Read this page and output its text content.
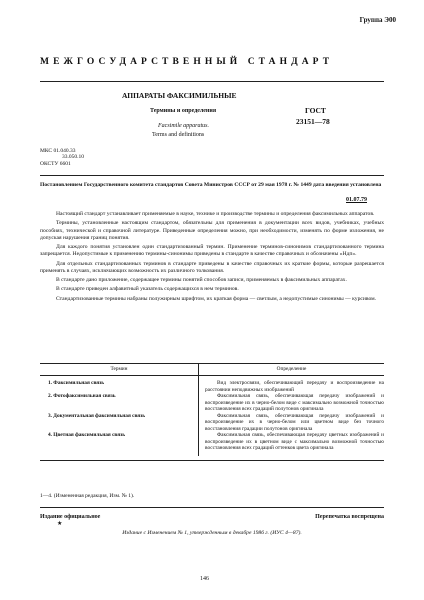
Группа Э00
МЕЖГОСУДАРСТВЕННЫЙ СТАНДАРТ
АППАРАТЫ ФАКСИМИЛЬНЫЕ
Термины и определения
Facsimile apparatus.
Terms and definitions
ГОСТ
23151—78
МКС 01.040.33
33.050.10
ОКСТУ 6601
Постановлением Государственного комитета стандартов Совета Министров СССР от 29 мая 1978 г. № 1449 дата введения установлена
01.07.79

Настоящий стандарт устанавливает применяемые в науке, технике и производстве термины и определения факсимильных аппаратов.

Термины, установленные настоящим стандартом, обязательны для применения в документации всех видов, учебниках, учебных пособиях, технической и справочной литературе. Приведенные определения можно, при необходимости, изменять по форме изложения, не допуская нарушения границ понятия.

Для каждого понятия установлен один стандартизованный термин. Применение терминов-синонимов стандартизованного термина запрещается. Недопустимые к применению термины-синонимы приведены в стандарте в качестве справочных и обозначены «Ндп».

Для отдельных стандартизованных терминов в стандарте приведены в качестве справочных их краткие формы, которые разрешается применять в случаях, исключающих возможность их различного толкования.

В стандарте дано приложение, содержащее термины понятий способов записи, применяемых в факсимильных аппаратах.

В стандарте приведен алфавитный указатель содержащихся в нем терминов.

Стандартизованные термины набраны полужирным шрифтом, их краткая форма — светлым, а недопустимые синонимы — курсивом.

Термин	Определение
1. Факсимильная связь	Вид электросвязи, обеспечивающий передачу и воспроизведение на расстоянии неподвижных изображений

2. Фотофаксимильная связь	Факсимильная связь, обеспечивающая передачу изображений и воспроизведение их в черно-белом виде с максимально возможной точностью восстановления всех градаций полутонов оригинала

3. Документальная факсимильная связь	Факсимильная связь, обеспечивающая передачу изображений и воспроизведение их в черно-белом или цветном виде без точного восстановления градации полутонов оригинала

4. Цветная факсимильная связь	Факсимильная связь, обеспечивающая передачу цветных изображений и воспроизведение их в цветном виде с максимально возможной точностью восстановления всех градаций оттенков цвета оригинала
1—4. (Измененная редакция, Изм. № 1).
Издание официальное	Перепечатка воспрещена
★
Издание с Изменением № 1, утвержденным в декабре 1986 г. (ИУС 4—87).
146
